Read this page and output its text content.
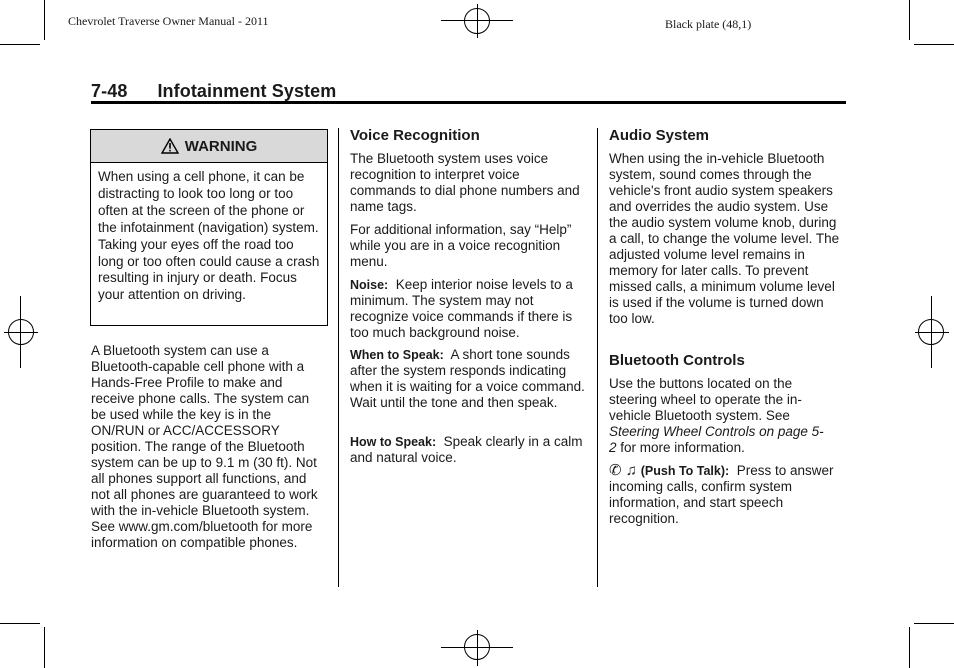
Chevrolet Traverse Owner Manual - 2011	Black plate (48,1)
7-48 Infotainment System
WARNING
When using a cell phone, it can be distracting to look too long or too often at the screen of the phone or the infotainment (navigation) system. Taking your eyes off the road too long or too often could cause a crash resulting in injury or death. Focus your attention on driving.

A Bluetooth system can use a Bluetooth-capable cell phone with a Hands-Free Profile to make and receive phone calls. The system can be used while the key is in the ON/RUN or ACC/ACCESSORY position. The range of the Bluetooth system can be up to 9.1 m (30 ft). Not all phones support all functions, and not all phones are guaranteed to work with the in-vehicle Bluetooth system. See www.gm.com/bluetooth for more information on compatible phones.

Voice Recognition

The Bluetooth system uses voice recognition to interpret voice commands to dial phone numbers and name tags.

For additional information, say “Help” while you are in a voice recognition menu.

Noise: Keep interior noise levels to a minimum. The system may not recognize voice commands if there is too much background noise.

When to Speak: A short tone sounds after the system responds indicating when it is waiting for a voice command. Wait until the tone and then speak.

How to Speak: Speak clearly in a calm and natural voice.

Audio System

When using the in-vehicle Bluetooth system, sound comes through the vehicle's front audio system speakers and overrides the audio system. Use the audio system volume knob, during a call, to change the volume level. The adjusted volume level remains in memory for later calls. To prevent missed calls, a minimum volume level is used if the volume is turned down too low.

Bluetooth Controls

Use the buttons located on the steering wheel to operate the in-vehicle Bluetooth system. See Steering Wheel Controls on page 5-2 for more information.

✆ ♫ (Push To Talk): Press to answer incoming calls, confirm system information, and start speech recognition.
